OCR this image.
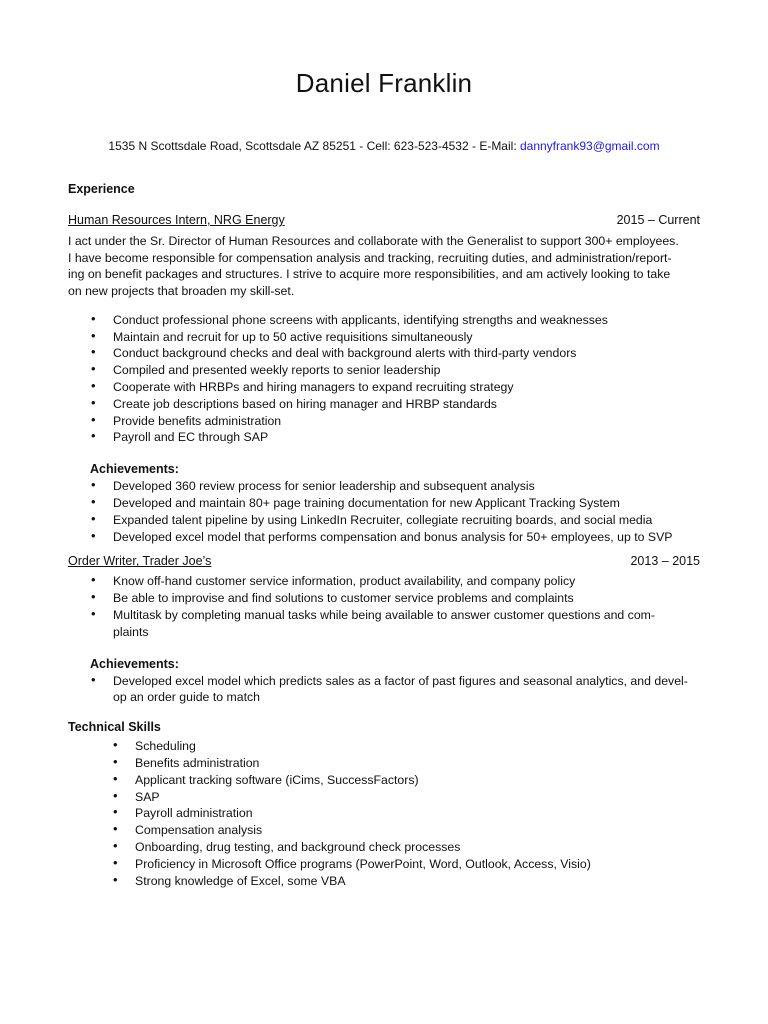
Daniel Franklin
1535 N Scottsdale Road, Scottsdale AZ 85251 - Cell: 623-523-4532 - E-Mail: dannyfrank93@gmail.com
Experience
Human Resources Intern, NRG Energy	2015 – Current
I act under the Sr. Director of Human Resources and collaborate with the Generalist to support 300+ employees.
I have become responsible for compensation analysis and tracking, recruiting duties, and administration/report-
ing on benefit packages and structures. I strive to acquire more responsibilities, and am actively looking to take
on new projects that broaden my skill-set.
• Conduct professional phone screens with applicants, identifying strengths and weaknesses
• Maintain and recruit for up to 50 active requisitions simultaneously
• Conduct background checks and deal with background alerts with third-party vendors
• Compiled and presented weekly reports to senior leadership
• Cooperate with HRBPs and hiring managers to expand recruiting strategy
• Create job descriptions based on hiring manager and HRBP standards
• Provide benefits administration
• Payroll and EC through SAP
Achievements:
• Developed 360 review process for senior leadership and subsequent analysis
• Developed and maintain 80+ page training documentation for new Applicant Tracking System
• Expanded talent pipeline by using LinkedIn Recruiter, collegiate recruiting boards, and social media
• Developed excel model that performs compensation and bonus analysis for 50+ employees, up to SVP
Order Writer, Trader Joe’s	2013 – 2015
• Know off-hand customer service information, product availability, and company policy
• Be able to improvise and find solutions to customer service problems and complaints
• Multitask by completing manual tasks while being available to answer customer questions and com-
plaints
Achievements:
• Developed excel model which predicts sales as a factor of past figures and seasonal analytics, and devel-
op an order guide to match
Technical Skills
• Scheduling
• Benefits administration
• Applicant tracking software (iCims, SuccessFactors)
• SAP
• Payroll administration
• Compensation analysis
• Onboarding, drug testing, and background check processes
• Proficiency in Microsoft Office programs (PowerPoint, Word, Outlook, Access, Visio)
• Strong knowledge of Excel, some VBA
